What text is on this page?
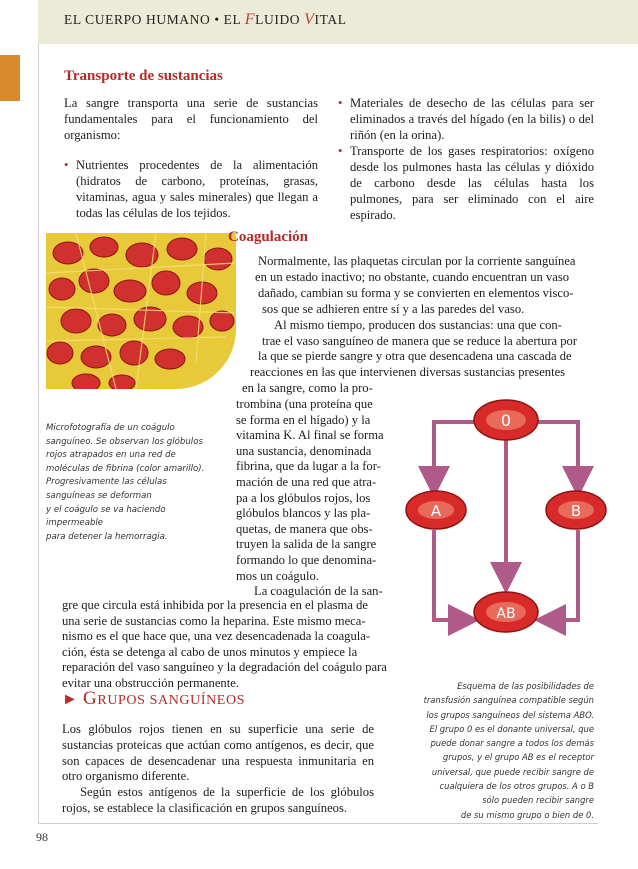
EL CUERPO HUMANO • EL FLUIDO VITAL
Transporte de sustancias

La sangre transporta una serie de sustancias fundamentales para el funcionamiento del organismo:

• Nutrientes procedentes de la alimentación (hidratos de carbono, proteínas, grasas, vitaminas, agua y sales minerales) que llegan a todas las células de los tejidos.

• Materiales de desecho de las células para ser eliminados a través del hígado (en la bilis) o del riñón (en la orina).

• Transporte de los gases respiratorios: oxígeno desde los pulmones hasta las células y dióxido de carbono desde las células hasta los pulmones, para ser eliminado con el aire espirado.

Microfotografía de un coágulo
sanguíneo. Se observan los glóbulos
rojos atrapados en una red de
moléculas de fibrina (color amarillo).
Progresivamente las células
sanguíneas se deforman
y el coágulo se va haciendo
impermeable
para detener la hemorragia.
Coagulación
Normalmente, las plaquetas circulan por la corriente sanguínea
en un estado inactivo; no obstante, cuando encuentran un vaso
dañado, cambian su forma y se convierten en elementos visco-
sos que se adhieren entre sí y a las paredes del vaso.
Al mismo tiempo, producen dos sustancias: una que con-
trae el vaso sanguíneo de manera que se reduce la abertura por
la que se pierde sangre y otra que desencadena una cascada de
reacciones en las que intervienen diversas sustancias presentes
en la sangre, como la pro-
trombina (una proteína que
se forma en el hígado) y la
vitamina K. Al final se forma
una sustancia, denominada
fibrina, que da lugar a la for-
mación de una red que atra-
pa a los glóbulos rojos, los
glóbulos blancos y las pla-
quetas, de manera que obs-
truyen la salida de la sangre
formando lo que denomina-
mos un coágulo.
La coagulación de la san-
gre que circula está inhibida por la presencia en el plasma de
una serie de sustancias como la heparina. Este mismo meca-
nismo es el que hace que, una vez desencadenada la coagula-
ción, ésta se detenga al cabo de unos minutos y empiece la
reparación del vaso sanguíneo y la degradación del coágulo para
evitar una obstrucción permanente.
0
A	B
AB
Esquema de las posibilidades de
transfusión sanguínea compatible según
los grupos sanguíneos del sistema ABO.
El grupo 0 es el donante universal, que
puede donar sangre a todos los demás
grupos, y el grupo AB es el receptor
universal, que puede recibir sangre de
cualquiera de los otros grupos. A o B
sólo pueden recibir sangre
de su mismo grupo o bien de 0.
► GRUPOS SANGUÍNEOS

Los glóbulos rojos tienen en su superficie una serie de sustancias proteicas que actúan como antígenos, es decir, que son capaces de desencadenar una respuesta inmunitaria en otro organismo diferente.

Según estos antígenos de la superficie de los glóbulos rojos, se establece la clasificación en grupos sanguíneos.

98
